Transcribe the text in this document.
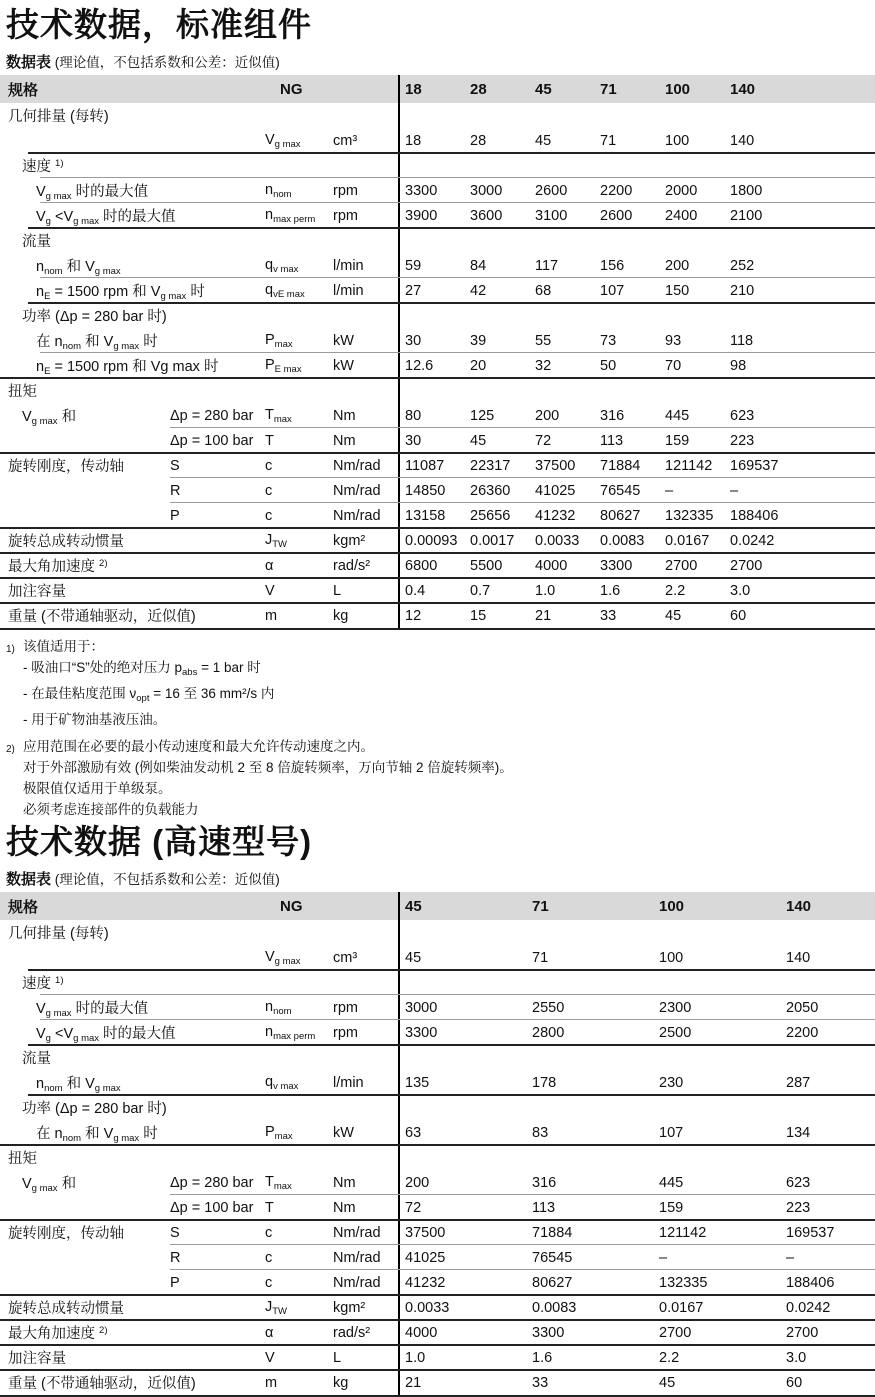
技术数据，标准组件

数据表 (理论值，不包括系数和公差：近似值)

规格	NG	18	28	45	71	100	140
几何排量 (每转)
$V_{g max}$	cm³	18	28	45	71	100	140
速度 $^{1)}$
$V_{g max}$ 时的最大值	$n_{nom}$	rpm	3300	3000	2600	2200	2000	1800
$V_g <V_{g max}$ 时的最大值	$n_{max perm}$	rpm	3900	3600	3100	2600	2400	2100
流量
$n_{nom}$ 和 $V_{g max}$	$q_{v max}$	l/min	59	84	117	156	200	252
$n_E = 1500$ rpm 和 $V_{g max}$ 时	$q_{vE max}$	l/min	27	42	68	107	150	210
功率 (Δp = 280 bar 时)
在 $n_{nom}$ 和 $V_{g max}$ 时	$P_{max}$	kW	30	39	55	73	93	118
$n_E = 1500$ rpm 和 Vg max 时	$P_{E max}$	kW	12.6	20	32	50	70	98
扭矩
$V_{g max}$ 和	Δp = 280 bar $T_{max}$	Nm	80	125	200	316	445	623
Δp = 100 bar T	Nm	30	45	72	113	159	223
旋转刚度，传动轴	S	c	Nm/rad	11087	22317	37500	71884	121142	169537
R	c	Nm/rad	14850	26360	41025	76545	–	–
P	c	Nm/rad	13158	25656	41232	80627	132335	188406
旋转总成转动惯量	$J_{TW}$	kgm²	0.00093 0.0017	0.0033	0.0083	0.0167	0.0242
最大角加速度 $^{2)}$	α	rad/s²	6800	5500	4000	3300	2700	2700
加注容量	V	L	0.4	0.7	1.0	1.6	2.2	3.0
重量 (不带通轴驱动，近似值)	m	kg	12	15	21	33	45	60
1) 该值适用于：
- 吸油口“S”处的绝对压力 $p_{abs} = 1$ bar 时
- 在最佳粘度范围 $\nu_{opt} = 16$ 至 36 mm²/s 内
- 用于矿物油基液压油。
2) 应用范围在必要的最小传动速度和最大允许传动速度之内。
对于外部激励有效 (例如柴油发动机 2 至 8 倍旋转频率，万向节轴 2 倍旋转频率)。
极限值仅适用于单级泵。
必须考虑连接部件的负载能力
技术数据 (高速型号)

数据表 (理论值，不包括系数和公差：近似值)

规格	NG	45	71	100	140
几何排量 (每转)
$V_{g max}$	cm³	45	71	100	140
速度 $^{1)}$
$V_{g max}$ 时的最大值	$n_{nom}$	rpm	3000	2550	2300	2050
$V_g <V_{g max}$ 时的最大值	$n_{max perm}$	rpm	3300	2800	2500	2200
流量
$n_{nom}$ 和 $V_{g max}$	$q_{v max}$	l/min	135	178	230	287
功率 (Δp = 280 bar 时)
在 $n_{nom}$ 和 $V_{g max}$ 时	$P_{max}$	kW	63	83	107	134
扭矩
$V_{g max}$ 和	Δp = 280 bar $T_{max}$	Nm	200	316	445	623
Δp = 100 bar T	Nm	72	113	159	223
旋转刚度，传动轴	S	c	Nm/rad	37500	71884	121142	169537
R	c	Nm/rad	41025	76545	–	–
P	c	Nm/rad	41232	80627	132335	188406
旋转总成转动惯量	$J_{TW}$	kgm²	0.0033	0.0083	0.0167	0.0242
最大角加速度 $^{2)}$	α	rad/s²	4000	3300	2700	2700
加注容量	V	L	1.0	1.6	2.2	3.0
重量 (不带通轴驱动，近似值)	m	kg	21	33	45	60
